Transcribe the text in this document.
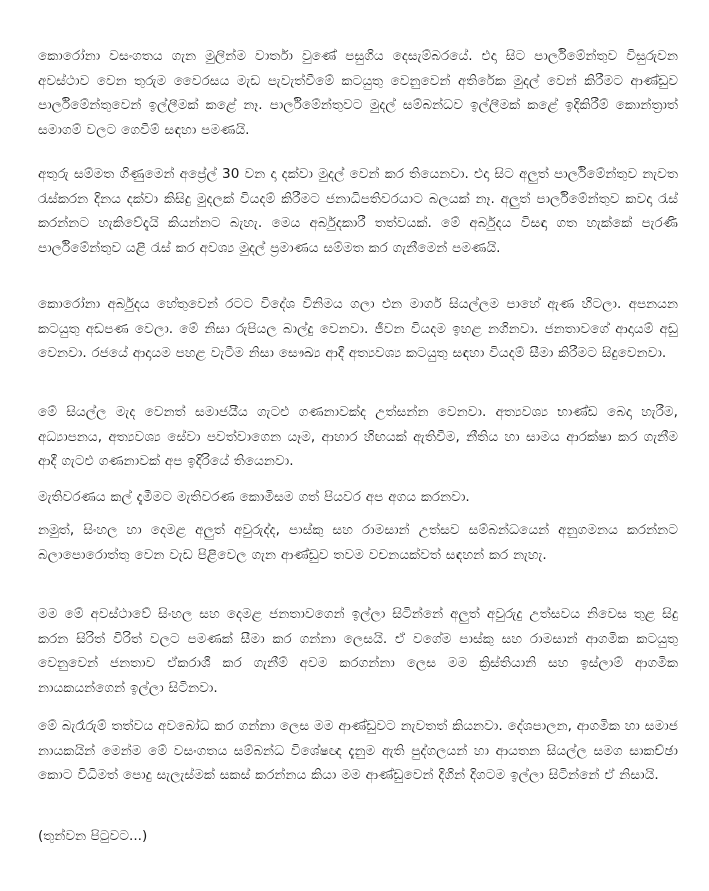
කොරෝනා වසංගතය ගැන මුලින්ම වාර්තා වුණේ පසුගිය දෙසැම්බරයේ. එදා සිට පාර්ලිමේන්තුව විසුරුවන අවස්ථාව වෙන තුරුම වෛරසය මැඩ පැවැත්වීමේ කටයුතු වෙනුවෙන් අතිරේක මුදල් වෙන් කිරීමට ආණ්ඩුව පාර්ලිමේන්තුවෙන් ඉල්ලීමක් කළේ නෑ. පාර්ලිමේන්තුවට මුදල් සම්බන්ධව ඉල්ලීමක් කළේ ඉදිකිරීම් කොන්ත්‍රාත් සමාගම් වලට ගෙවීම් සඳහා පමණයි.

අතුරු සම්මත ගිණුමෙන් අප්‍රේල් 30 වන දා දක්වා මුදල් වෙන් කර තියෙනවා. එදා සිට අලුත් පාර්ලිමේන්තුව නැවත රැස්කරන දිනය දක්වා කිසිදු මුදලක් වියදම් කිරීමට ජනාධිපතිවරයාට බලයක් නෑ. අලුත් පාර්ලිමේන්තුව කවදා රැස් කරන්නට හැකිවේදැයි කියන්නට බැහැ. මෙය අර්බුදකාරී තත්වයක්. මේ අර්බුදය විසඳා ගත හැක්කේ පැරණි පාර්ලිමේන්තුව යළි රැස් කර අවශ්‍ය මුදල් ප්‍රමාණය සම්මත කර ගැනීමෙන් පමණයි.

කොරෝනා අර්බුදය හේතුවෙන් රටට විදේශ විනිමය ගලා එන මාර්ග සියල්ලම පාහේ ඇණ හිටලා. අපනයන කටයුතු අඩපණ වෙලා. මේ නිසා රුපියල බාල්දු වෙනවා. ජීවන වියදම ඉහළ නගිනවා. ජනතාවගේ ආදායම් අඩු වෙනවා. රජයේ ආදායම පහළ වැටීම නිසා සෞඛ්‍ය ආදී අත්‍යවශ්‍ය කටයුතු සඳහා වියදම් සීමා කිරීමට සිදුවෙනවා.

මේ සියල්ල මැද වෙනත් සමාජයීය ගැටළු ගණනාවක්ද උත්සන්න වෙනවා. අත්‍යවශ්‍ය භාණ්ඩ බෙදා හැරීම, අධ්‍යාපනය, අත්‍යවශ්‍ය සේවා පවත්වාගෙන යෑම, ආහාර හිඟයක් ඇතිවීම, නීතිය හා සාමය ආරක්ෂා කර ගැනීම ආදී ගැටළු ගණනාවක් අප ඉදිරියේ තියෙනවා.

මැතිවරණය කල් දැමීමට මැතිවරණ කොමිසම ගත් පියවර අප අගය කරනවා.

නමුත්, සිංහල හා දෙමළ අලුත් අවුරුද්ද, පාස්කු සහ රාමසාන් උත්සව සම්බන්ධයෙන් අනුගමනය කරන්නට බලාපොරොත්තු වෙන වැඩ පිළිවෙල ගැන ආණ්ඩුව තවම වචනයක්වත් සඳහන් කර නැහැ.

මම මේ අවස්ථාවේ සිංහල සහ දෙමළ ජනතාවගෙන් ඉල්ලා සිටින්නේ අලුත් අවුරුදු උත්සවය නිවෙස තුළ සිදු කරන සිරිත් විරිත් වලට පමණක් සීමා කර ගන්නා ලෙසයි. ඒ වගේම පාස්කු සහ රාමසාන් ආගමික කටයුතු වෙනුවෙන් ජනතාව ඒකරාශී කර ගැනීම් අවම කරගන්නා ලෙස මම ක්‍රිස්තියානි සහ ඉස්ලාම් ආගමික නායකයන්ගෙන් ඉල්ලා සිටිනවා.

මේ බැරෑරුම් තත්වය අවබෝධ කර ගන්නා ලෙස මම ආණ්ඩුවට නැවතත් කියනවා. දේශපාලන, ආගමික හා සමාජ නායකයින් මෙන්ම මේ වසංගතය සම්බන්ධ විශේෂඥ දැනුම ඇති පුද්ගලයන් හා ආයතන සියල්ල සමග සාකච්ඡා කොට විධිමත් පොදු සැලැස්මක් සකස් කරන්නය කියා මම ආණ්ඩුවෙන් දිගින් දිගටම ඉල්ලා සිටින්නේ ඒ නිසායි.

(තුන්වන පිටුවට...)
